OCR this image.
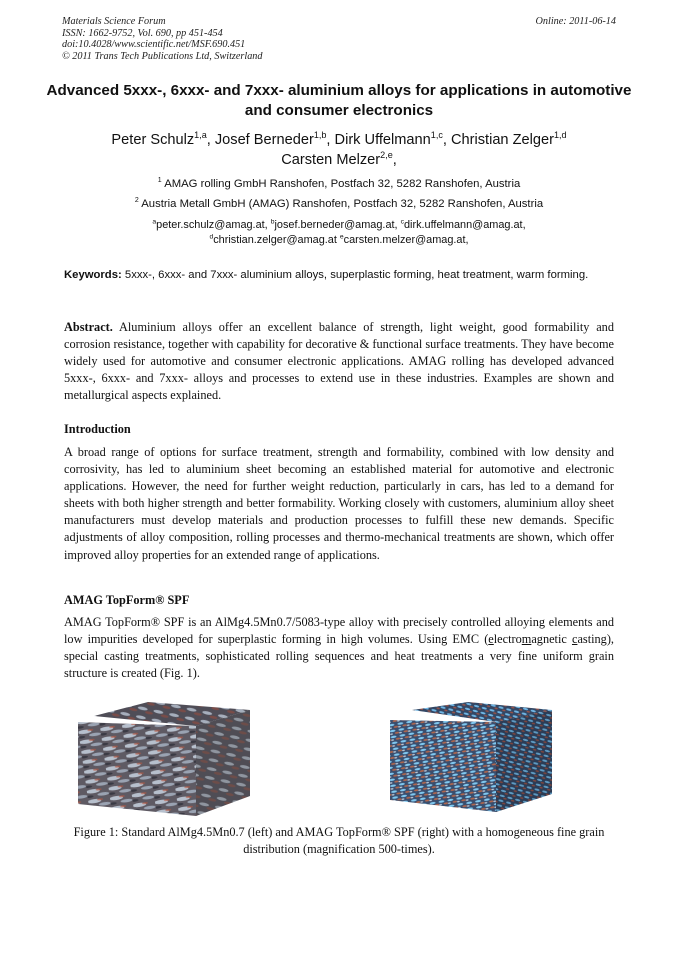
Materials Science Forum
ISSN: 1662-9752, Vol. 690, pp 451-454
doi:10.4028/www.scientific.net/MSF.690.451
© 2011 Trans Tech Publications Ltd, Switzerland
Online: 2011-06-14
Advanced 5xxx-, 6xxx- and 7xxx- aluminium alloys for applications in automotive and consumer electronics
Peter Schulz$^{1,a}$, Josef Berneder$^{1,b}$, Dirk Uffelmann$^{1,c}$, Christian Zelger$^{1,d}$
Carsten Melzer$^{2,e}$,
$^1$ AMAG rolling GmbH Ranshofen, Postfach 32, 5282 Ranshofen, Austria
$^2$ Austria Metall GmbH (AMAG) Ranshofen, Postfach 32, 5282 Ranshofen, Austria
$^a$peter.schulz@amag.at, $^b$josef.berneder@amag.at, $^c$dirk.uffelmann@amag.at,
$^d$christian.zelger@amag.at $^e$carsten.melzer@amag.at,
Keywords: 5xxx-, 6xxx- and 7xxx- aluminium alloys, superplastic forming, heat treatment, warm forming.
Abstract. Aluminium alloys offer an excellent balance of strength, light weight, good formability and corrosion resistance, together with capability for decorative & functional surface treatments. They have become widely used for automotive and consumer electronic applications. AMAG rolling has developed advanced 5xxx-, 6xxx- and 7xxx- alloys and processes to extend use in these industries. Examples are shown and metallurgical aspects explained.
Introduction
A broad range of options for surface treatment, strength and formability, combined with low density and corrosivity, has led to aluminium sheet becoming an established material for automotive and electronic applications. However, the need for further weight reduction, particularly in cars, has led to a demand for sheets with both higher strength and better formability. Working closely with customers, aluminium alloy sheet manufacturers must develop materials and production processes to fulfill these new demands. Specific adjustments of alloy composition, rolling processes and thermo-mechanical treatments are shown, which offer improved alloy properties for an extended range of applications.
AMAG TopForm® SPF
AMAG TopForm® SPF is an AlMg4.5Mn0.7/5083-type alloy with precisely controlled alloying elements and low impurities developed for superplastic forming in high volumes. Using EMC (electromagnetic casting), special casting treatments, sophisticated rolling sequences and heat treatments a very fine uniform grain structure is created (Fig. 1).
Figure 1: Standard AlMg4.5Mn0.7 (left) and AMAG TopForm® SPF (right) with a homogeneous fine grain distribution (magnification 500-times).
